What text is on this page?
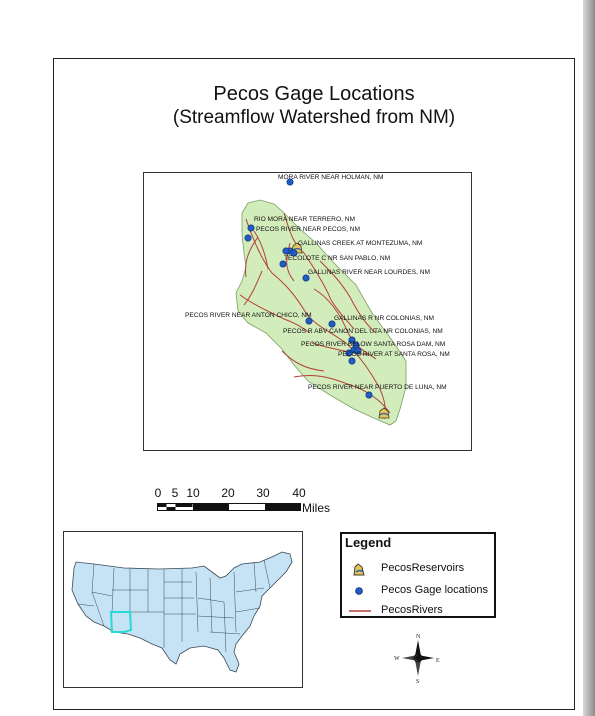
Pecos Gage Locations
(Streamflow Watershed from NM)
MORA RIVER NEAR HOLMAN, NM
RIO MORA NEAR TERRERO, NM
PECOS RIVER NEAR PECOS, NM
GALLINAS CREEK AT MONTEZUMA, NM
TECOLOTE C NR SAN PABLO, NM
GALLINAS RIVER NEAR LOURDES, NM
PECOS RIVER NEAR ANTON CHICO, NM	GALLINAS R NR COLONIAS, NM
PECOS R ABV CANON DEL UTA NR COLONIAS, NM
PECOS RIVER BELOW SANTA ROSA DAM, NM
PECOS RIVER AT SANTA ROSA, NM
PECOS RIVER NEAR PUERTO DE LUNA, NM
0 5 10 20 30 40
Miles
Legend
PecosReservoirs
Pecos Gage locations
PecosRivers
N
S
W	E
